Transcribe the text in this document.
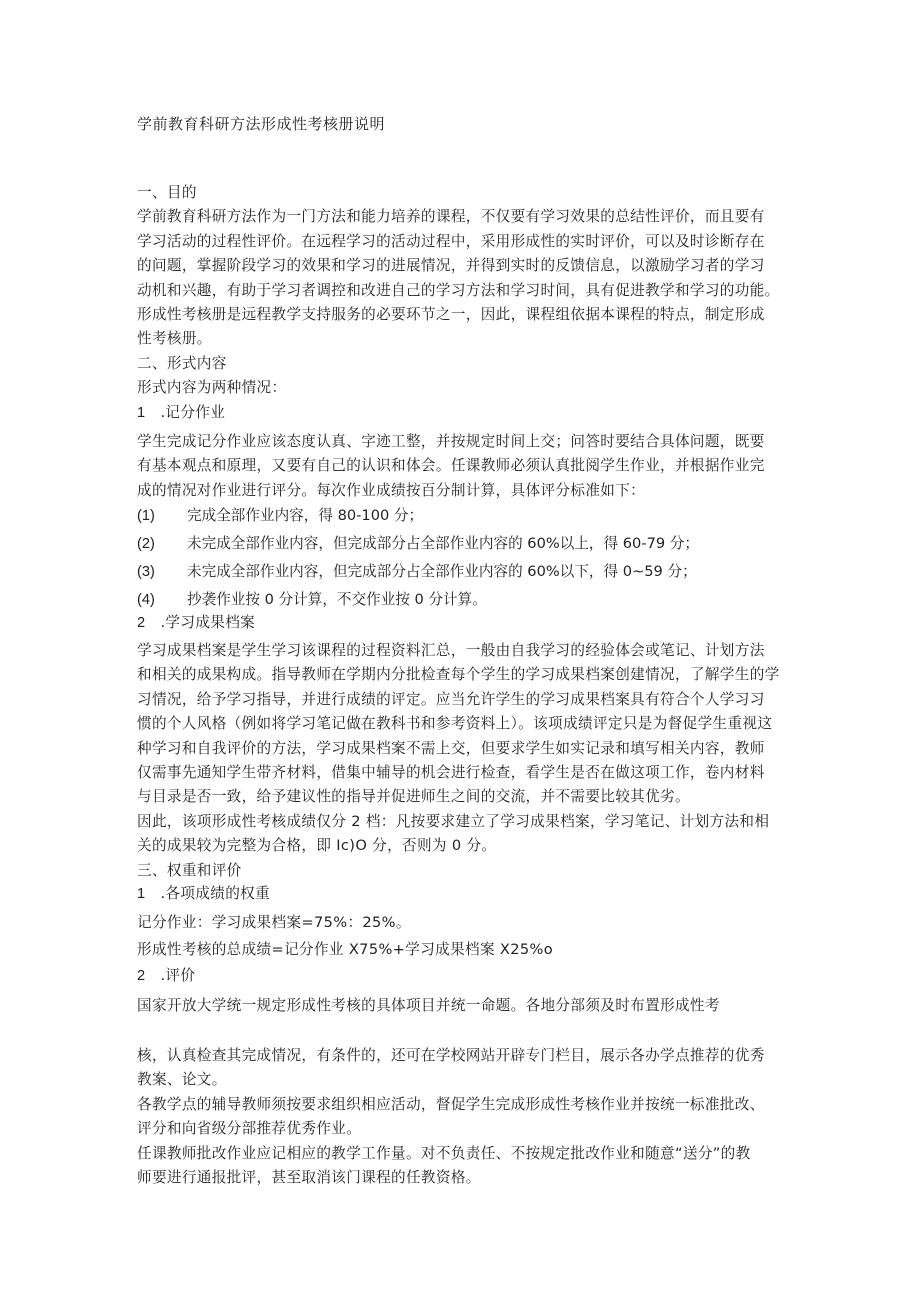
学前教育科研方法形成性考核册说明

一、目的

学前教育科研方法作为一门方法和能力培养的课程，不仅要有学习效果的总结性评价，而且要有

学习活动的过程性评价。在远程学习的活动过程中，采用形成性的实时评价，可以及时诊断存在

的问题，掌握阶段学习的效果和学习的进展情况，并得到实时的反馈信息，以激励学习者的学习

动机和兴趣，有助于学习者调控和改进自己的学习方法和学习时间，具有促进教学和学习的功能。

形成性考核册是远程教学支持服务的必要环节之一，因此，课程组依据本课程的特点，制定形成

性考核册。

二、形式内容

形式内容为两种情况：

1 .记分作业

学生完成记分作业应该态度认真、字迹工整，并按规定时间上交；问答时要结合具体问题，既要

有基本观点和原理，又要有自己的认识和体会。任课教师必须认真批阅学生作业，并根据作业完

成的情况对作业进行评分。每次作业成绩按百分制计算，具体评分标准如下：

(1)	完成全部作业内容，得 80-100 分；
(2)	未完成全部作业内容，但完成部分占全部作业内容的 60%以上，得 60-79 分；
(3)	未完成全部作业内容，但完成部分占全部作业内容的 60%以下，得 0~59 分；
(4)	抄袭作业按 0 分计算，不交作业按 0 分计算。

2 .学习成果档案

学习成果档案是学生学习该课程的过程资料汇总，一般由自我学习的经验体会或笔记、计划方法

和相关的成果构成。指导教师在学期内分批检查每个学生的学习成果档案创建情况，了解学生的学

习情况，给予学习指导，并进行成绩的评定。应当允许学生的学习成果档案具有符合个人学习习

惯的个人风格（例如将学习笔记做在教科书和参考资料上）。该项成绩评定只是为督促学生重视这

种学习和自我评价的方法，学习成果档案不需上交，但要求学生如实记录和填写相关内容，教师

仅需事先通知学生带齐材料，借集中辅导的机会进行检查，看学生是否在做这项工作，卷内材料

与目录是否一致，给予建议性的指导并促进师生之间的交流，并不需要比较其优劣。

因此，该项形成性考核成绩仅分 2 档：凡按要求建立了学习成果档案，学习笔记、计划方法和相

关的成果较为完整为合格，即 Ic)O 分，否则为 0 分。

三、权重和评价

1 .各项成绩的权重

记分作业：学习成果档案=75%：25%。

形成性考核的总成绩=记分作业 X75%+学习成果档案 X25%o

2 .评价

国家开放大学统一规定形成性考核的具体项目并统一命题。各地分部须及时布置形成性考

核，认真检查其完成情况，有条件的，还可在学校网站开辟专门栏目，展示各办学点推荐的优秀

教案、论文。

各教学点的辅导教师须按要求组织相应活动，督促学生完成形成性考核作业并按统一标准批改、

评分和向省级分部推荐优秀作业。

任课教师批改作业应记相应的教学工作量。对不负责任、不按规定批改作业和随意“送分”的教

师要进行通报批评，甚至取消该门课程的任教资格。
